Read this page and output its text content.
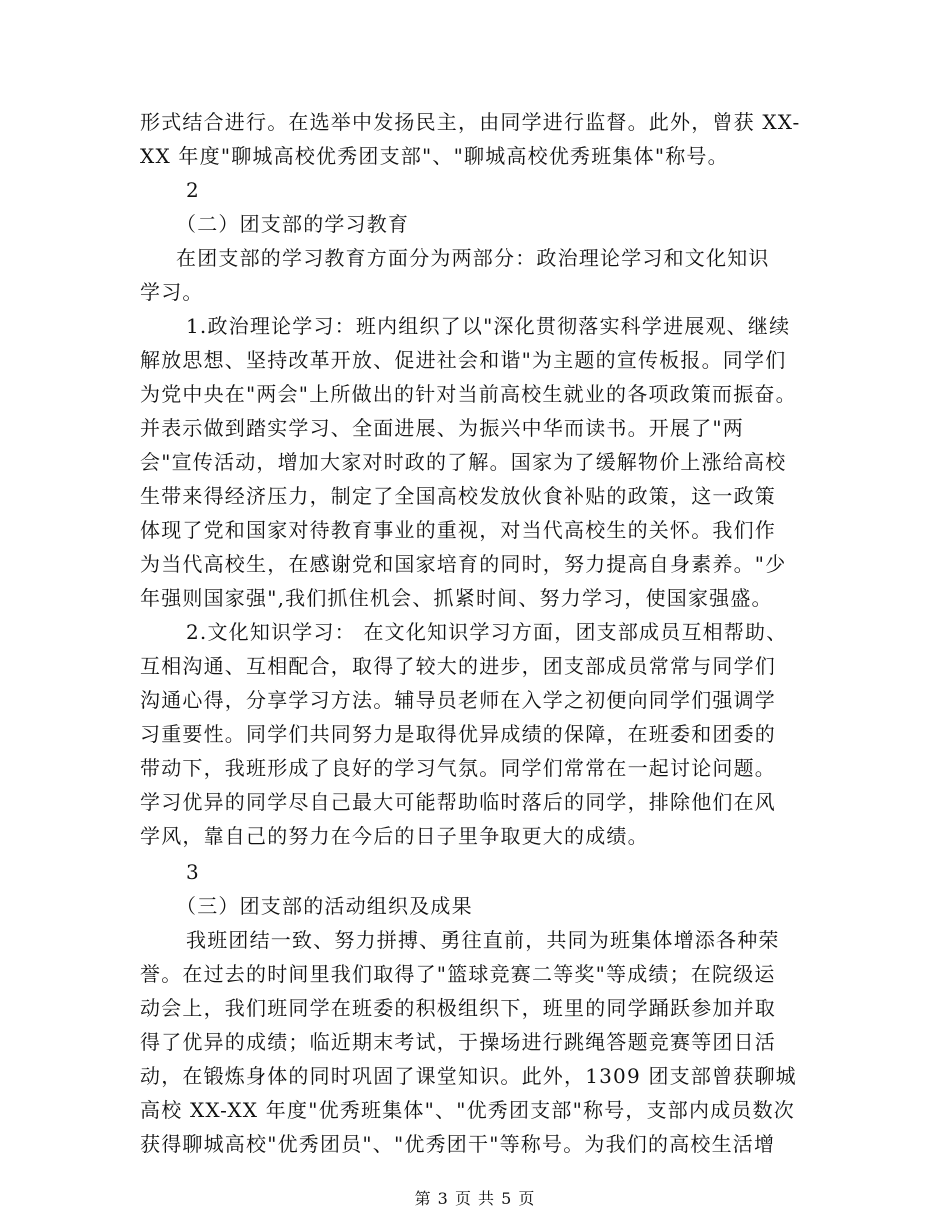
形式结合进行。在选举中发扬民主，由同学进行监督。此外，曾获 XX-
XX 年度"聊城高校优秀团支部"、"聊城高校优秀班集体"称号。
2
（二）团支部的学习教育
在团支部的学习教育方面分为两部分：政治理论学习和文化知识
学习。
1.政治理论学习：班内组织了以"深化贯彻落实科学进展观、继续
解放思想、坚持改革开放、促进社会和谐"为主题的宣传板报。同学们
为党中央在"两会"上所做出的针对当前高校生就业的各项政策而振奋。
并表示做到踏实学习、全面进展、为振兴中华而读书。开展了"两
会"宣传活动，增加大家对时政的了解。国家为了缓解物价上涨给高校
生带来得经济压力，制定了全国高校发放伙食补贴的政策，这一政策
体现了党和国家对待教育事业的重视，对当代高校生的关怀。我们作
为当代高校生，在感谢党和国家培育的同时，努力提高自身素养。"少
年强则国家强",我们抓住机会、抓紧时间、努力学习，使国家强盛。
2.文化知识学习： 在文化知识学习方面，团支部成员互相帮助、
互相沟通、互相配合，取得了较大的进步，团支部成员常常与同学们
沟通心得，分享学习方法。辅导员老师在入学之初便向同学们强调学
习重要性。同学们共同努力是取得优异成绩的保障，在班委和团委的
带动下，我班形成了良好的学习气氛。同学们常常在一起讨论问题。
学习优异的同学尽自己最大可能帮助临时落后的同学，排除他们在风
学风，靠自己的努力在今后的日子里争取更大的成绩。
3
（三）团支部的活动组织及成果
我班团结一致、努力拼搏、勇往直前，共同为班集体增添各种荣
誉。在过去的时间里我们取得了"篮球竞赛二等奖"等成绩；在院级运
动会上，我们班同学在班委的积极组织下，班里的同学踊跃参加并取
得了优异的成绩；临近期末考试，于操场进行跳绳答题竞赛等团日活
动，在锻炼身体的同时巩固了课堂知识。此外，1309 团支部曾获聊城
高校 XX-XX 年度"优秀班集体"、"优秀团支部"称号，支部内成员数次
获得聊城高校"优秀团员"、"优秀团干"等称号。为我们的高校生活增
第 3 页 共 5 页
